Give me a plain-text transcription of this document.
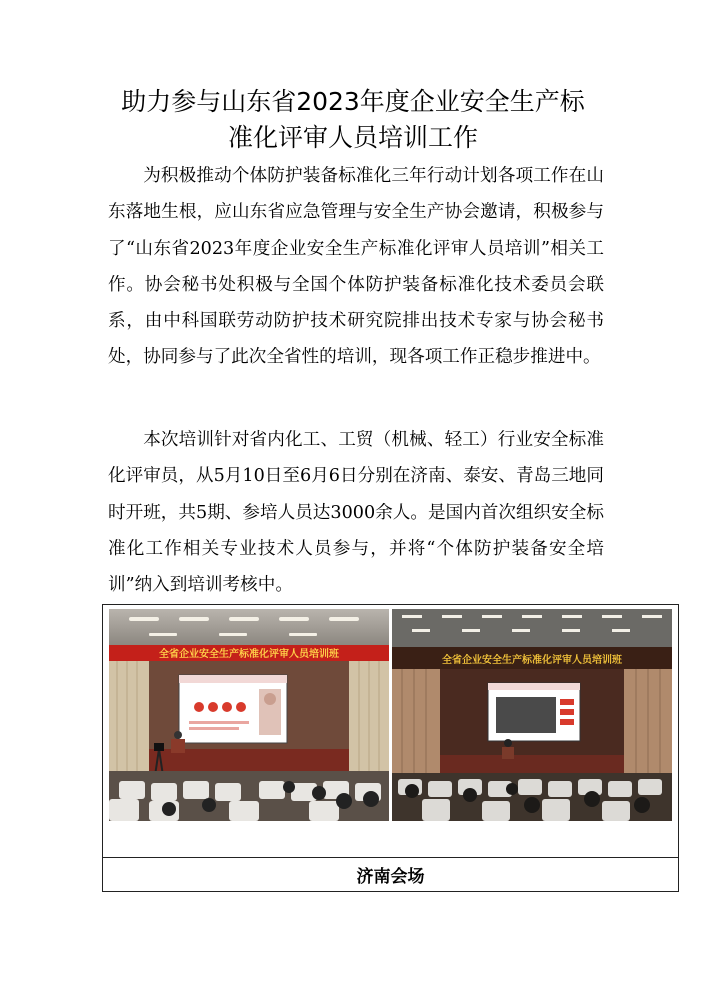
助力参与山东省2023年度企业安全生产标
准化评审人员培训工作

为积极推动个体防护装备标准化三年行动计划各项工作在山东落地生根，应山东省应急管理与安全生产协会邀请，积极参与了“山东省2023年度企业安全生产标准化评审人员培训”相关工作。协会秘书处积极与全国个体防护装备标准化技术委员会联系，由中科国联劳动防护技术研究院排出技术专家与协会秘书处，协同参与了此次全省性的培训，现各项工作正稳步推进中。

本次培训针对省内化工、工贸（机械、轻工）行业安全标准化评审员，从5月10日至6月6日分别在济南、泰安、青岛三地同时开班，共5期、参培人员达3000余人。是国内首次组织安全标准化工作相关专业技术人员参与，并将“个体防护装备安全培训”纳入到培训考核中。

全省企业安全生产标准化评审人员培训班
全省企业安全生产标准化评审人员培训班
济南会场
